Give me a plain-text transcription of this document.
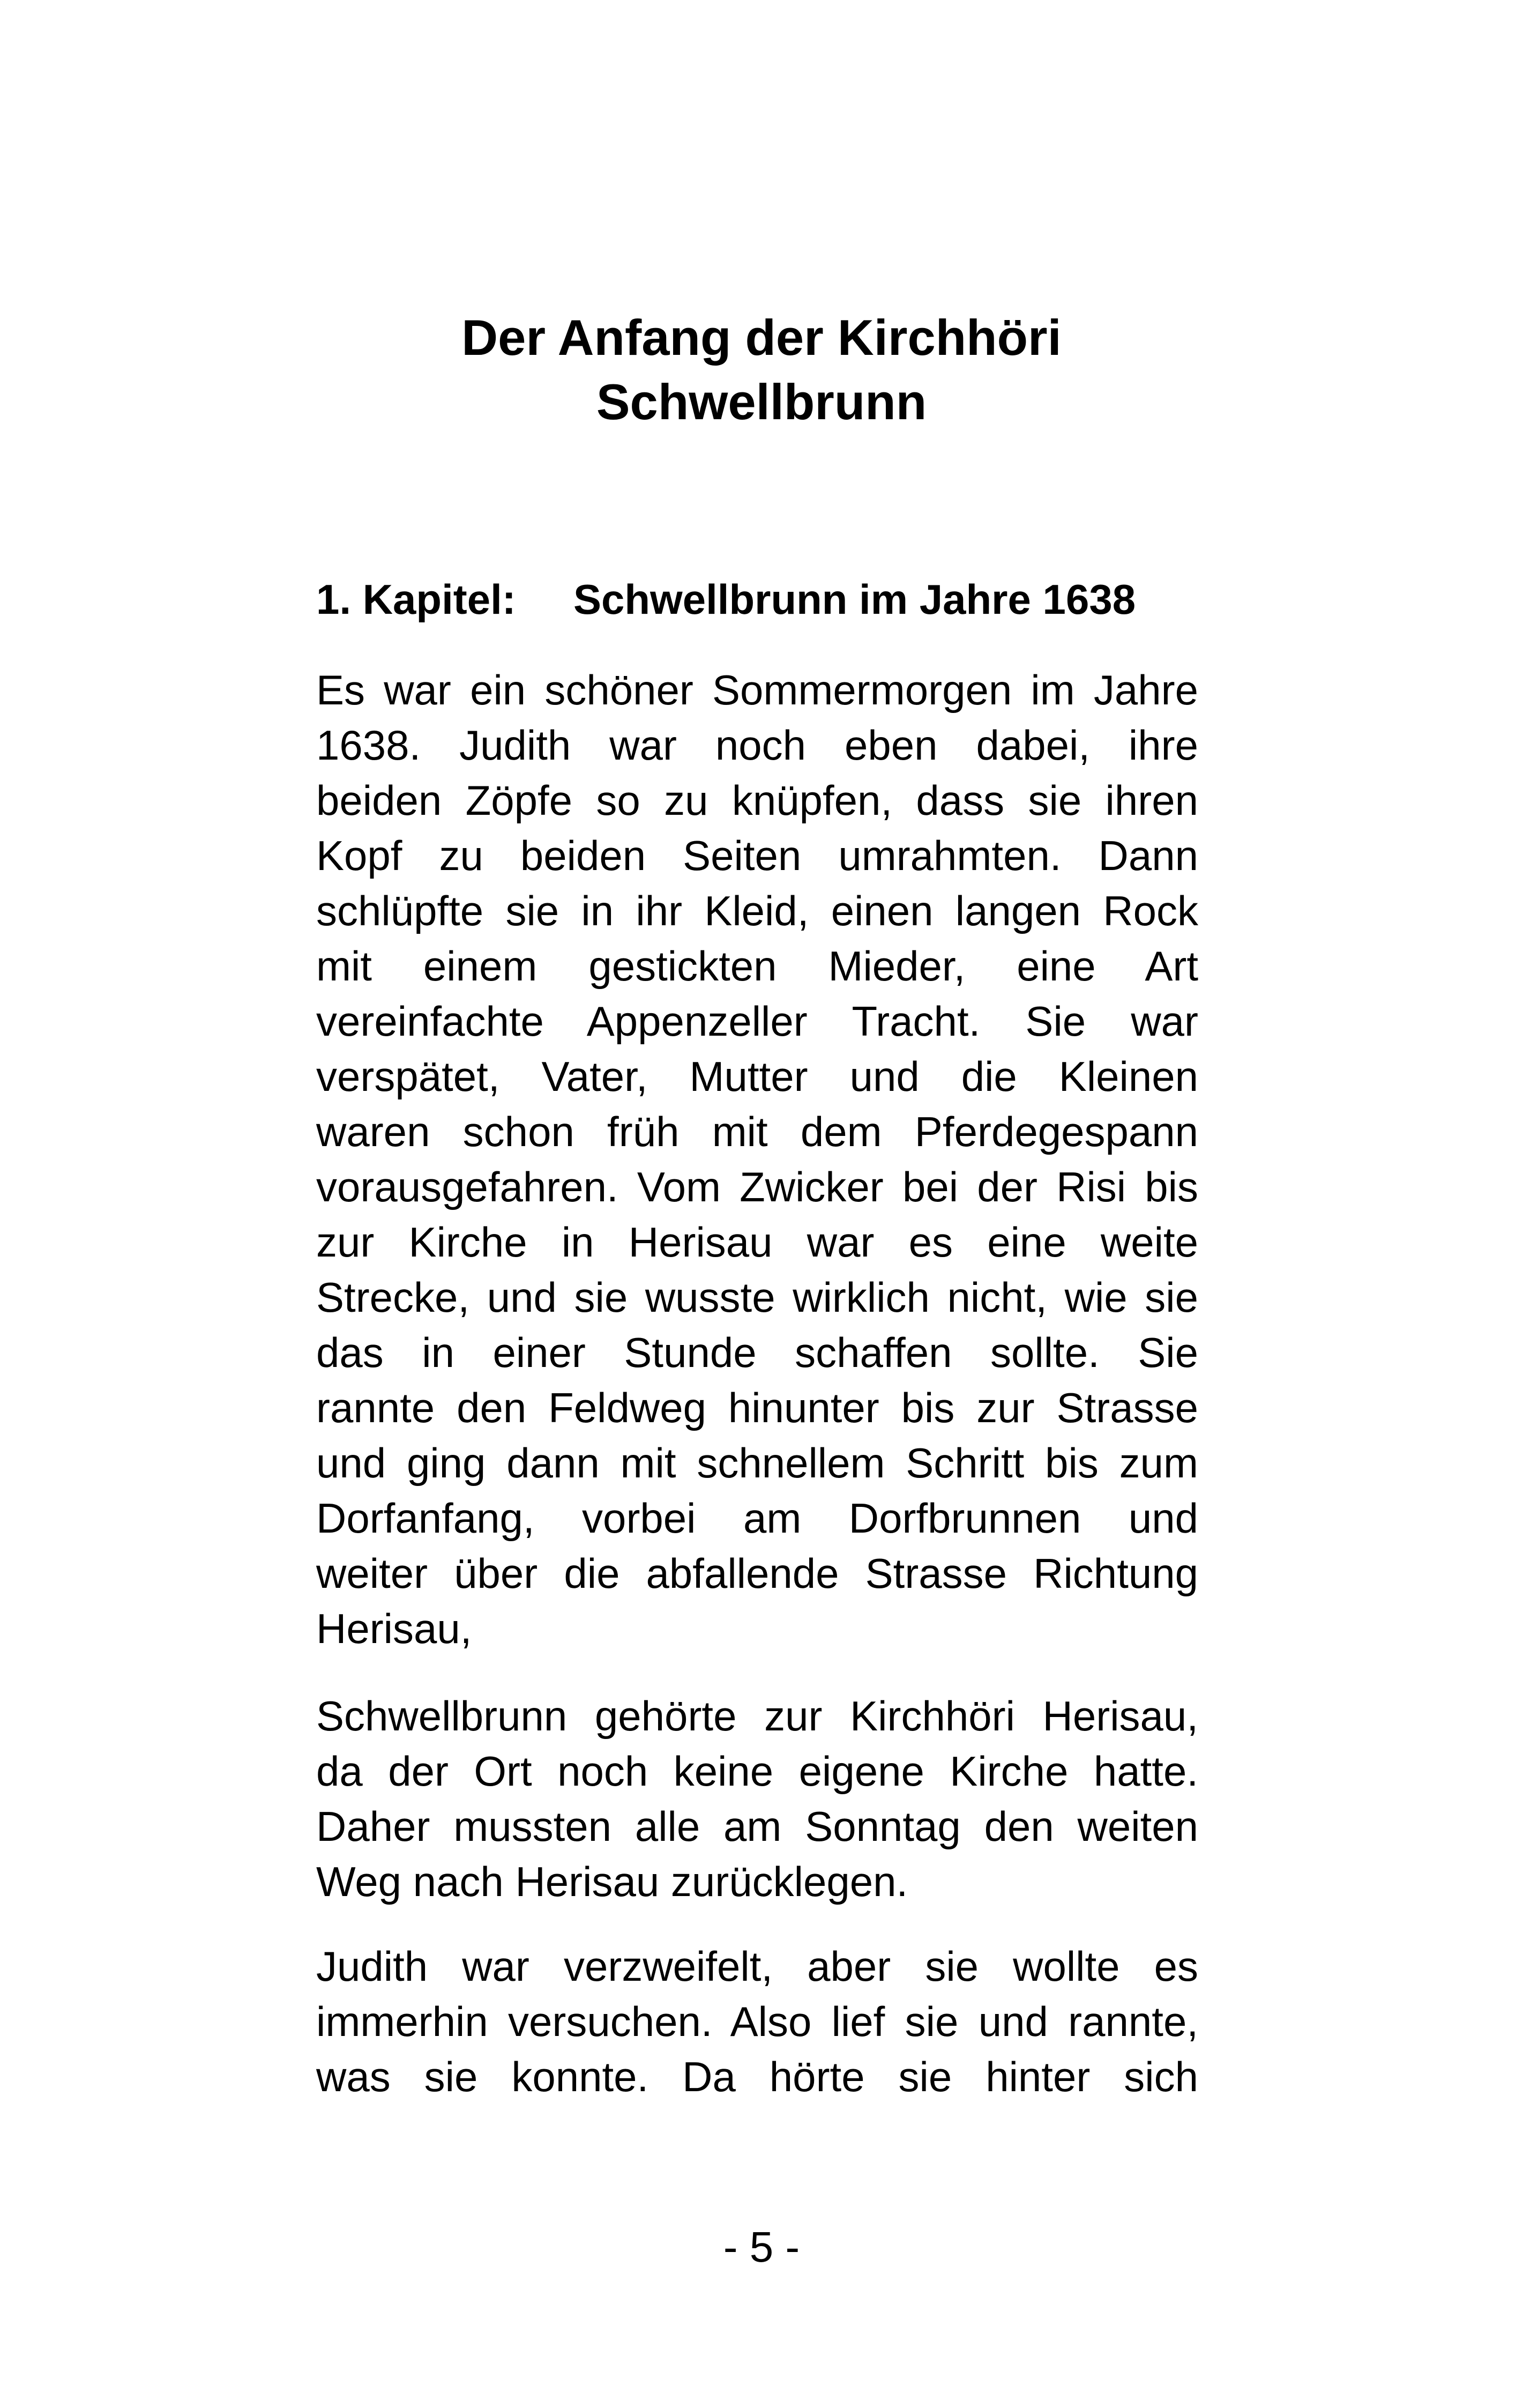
Der Anfang der Kirchhöri
Schwellbrunn
1. Kapitel: Schwellbrunn im Jahre 1638
Es war ein schöner Sommermorgen im Jahre
1638. Judith war noch eben dabei, ihre
beiden Zöpfe so zu knüpfen, dass sie ihren
Kopf zu beiden Seiten umrahmten. Dann
schlüpfte sie in ihr Kleid, einen langen Rock
mit einem gestickten Mieder, eine Art
vereinfachte Appenzeller Tracht. Sie war
verspätet, Vater, Mutter und die Kleinen
waren schon früh mit dem Pferdegespann
vorausgefahren. Vom Zwicker bei der Risi bis
zur Kirche in Herisau war es eine weite
Strecke, und sie wusste wirklich nicht, wie sie
das in einer Stunde schaffen sollte. Sie
rannte den Feldweg hinunter bis zur Strasse
und ging dann mit schnellem Schritt bis zum
Dorfanfang, vorbei am Dorfbrunnen und
weiter über die abfallende Strasse Richtung
Herisau,
Schwellbrunn gehörte zur Kirchhöri Herisau,
da der Ort noch keine eigene Kirche hatte.
Daher mussten alle am Sonntag den weiten
Weg nach Herisau zurücklegen.
Judith war verzweifelt, aber sie wollte es
immerhin versuchen. Also lief sie und rannte,
was sie konnte. Da hörte sie hinter sich
- 5 -
